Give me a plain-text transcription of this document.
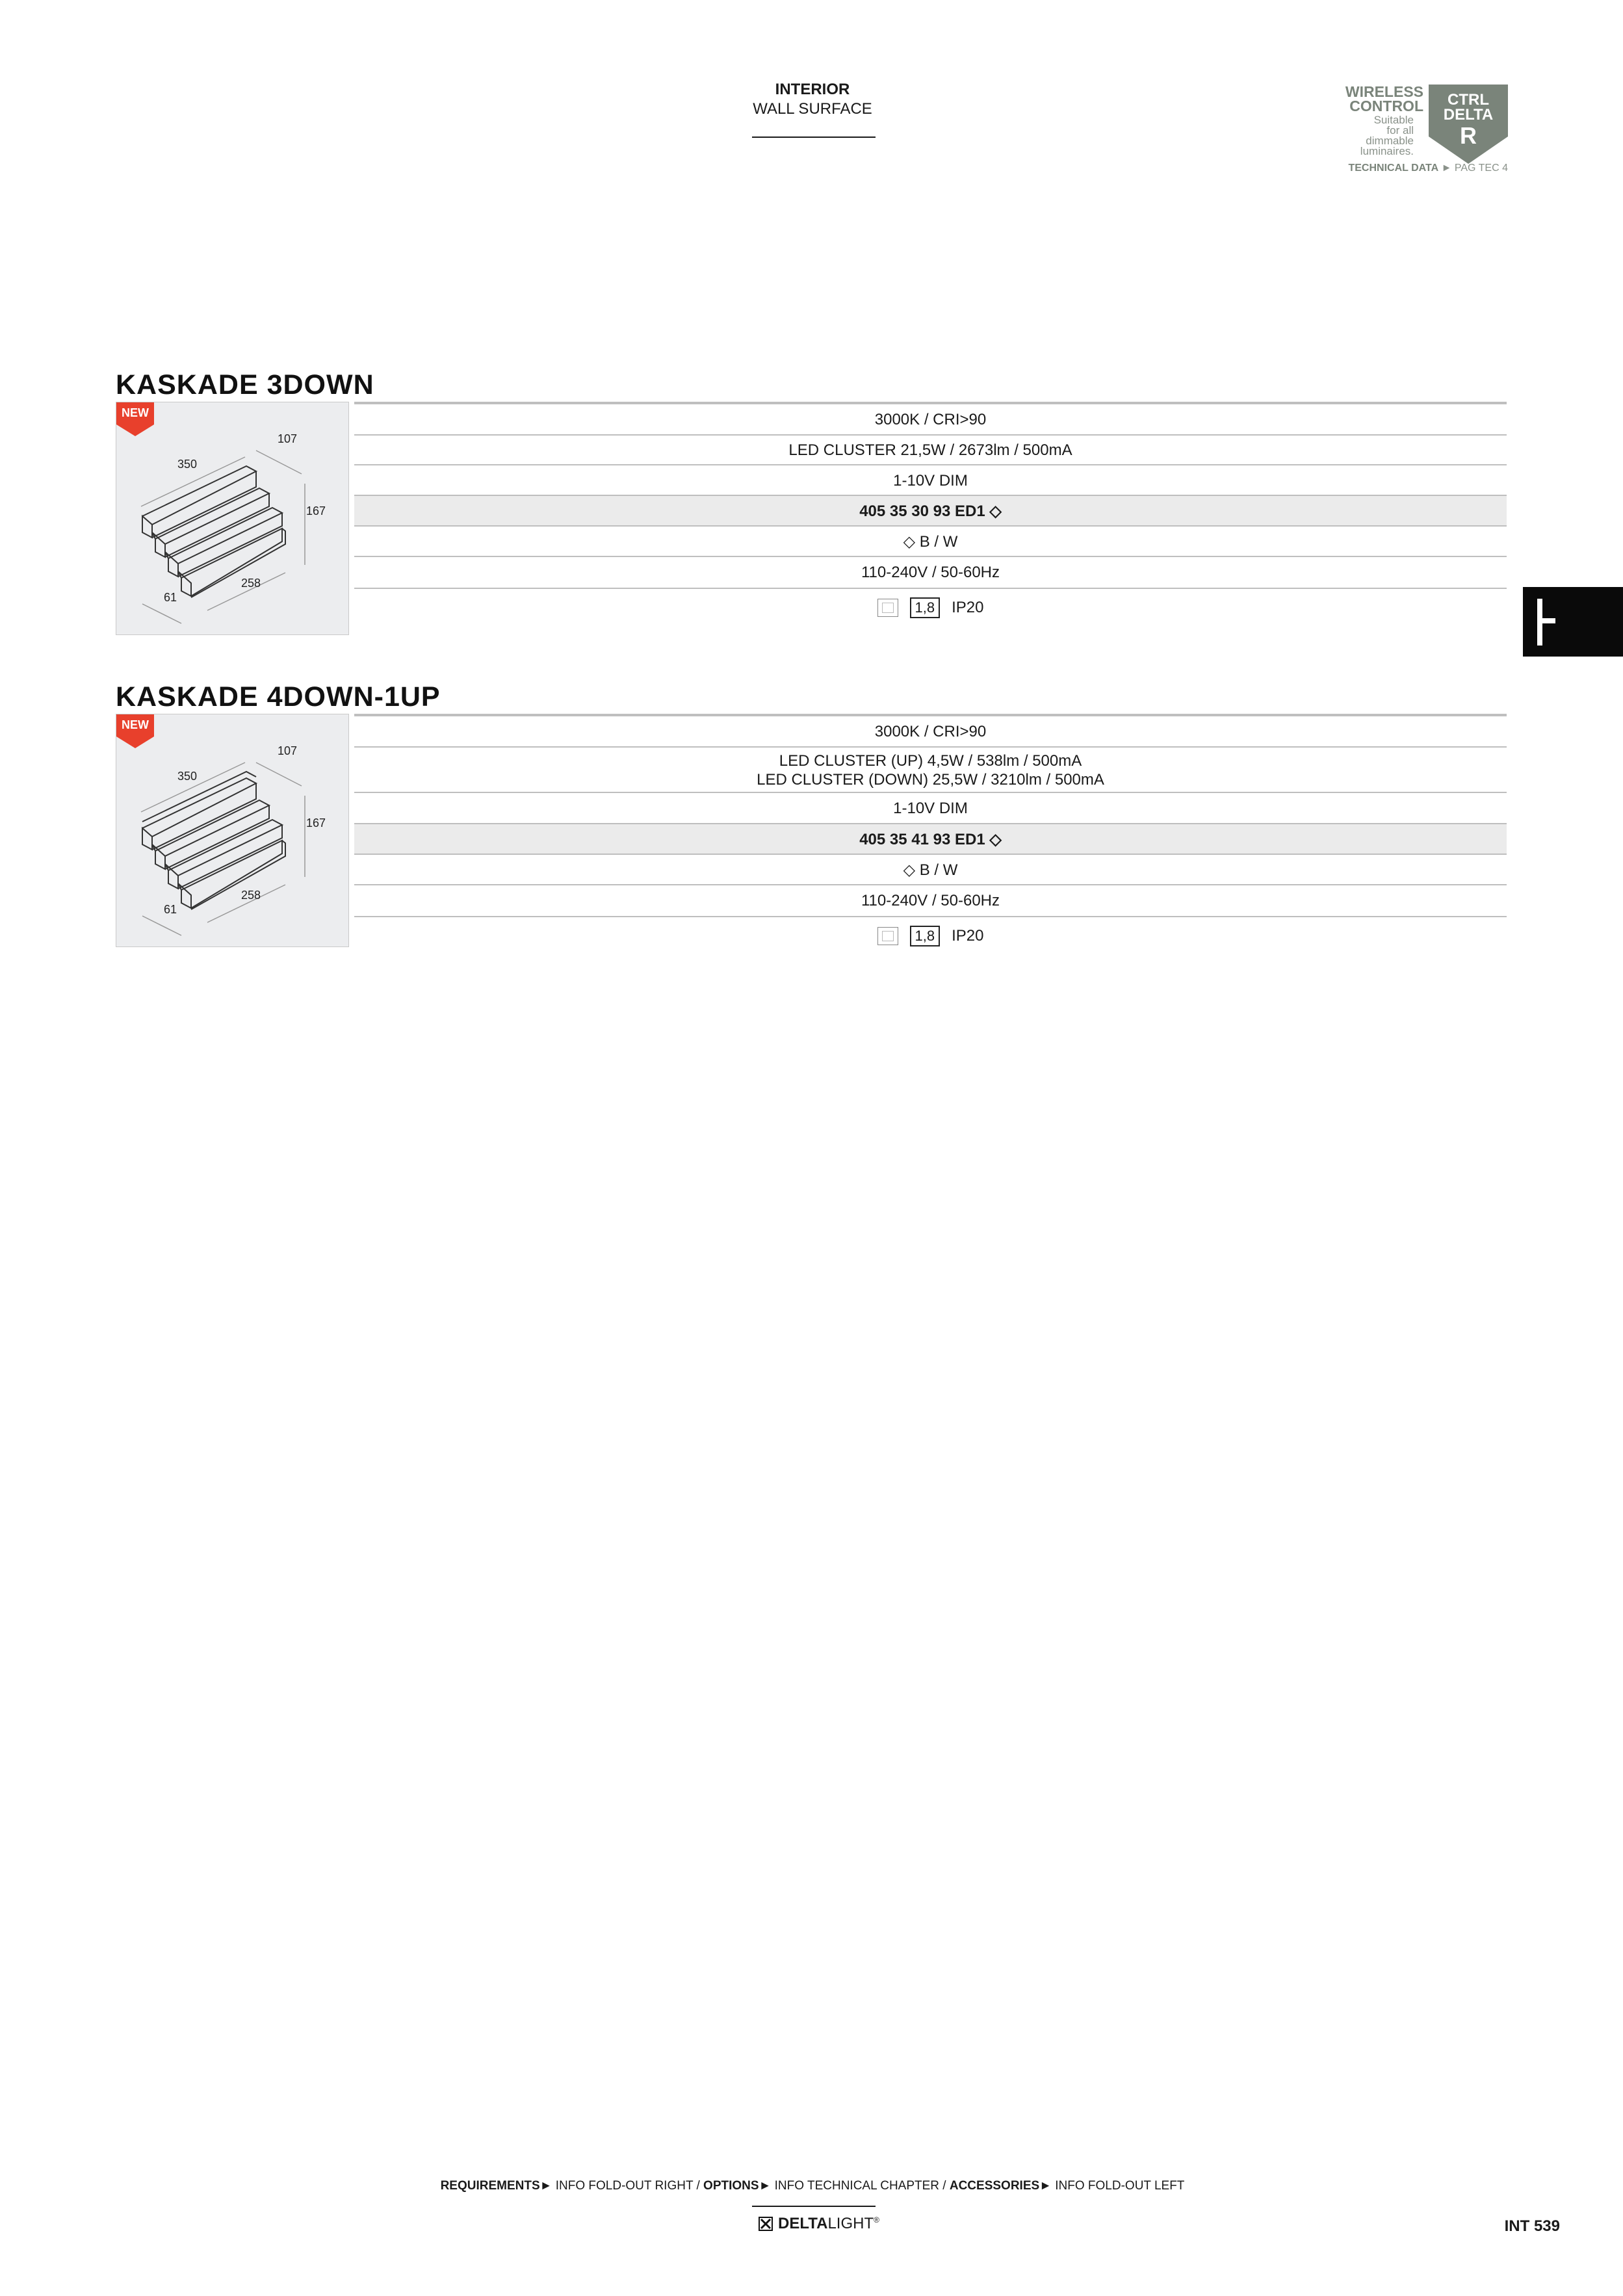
INTERIOR
WALL SURFACE
WIRELESS
CONTROL
Suitable
for all
dimmable
luminaires.
CTRL
DELTA
R
TECHNICAL DATA ► PAG TEC 4
KASKADE 3DOWN
107
350
167
258
61
NEW	3000K / CRI>90
LED CLUSTER 21,5W / 2673lm / 500mA
1-10V DIM
405 35 30 93 ED1 ◇
◇ B / W
110-240V / 50-60Hz
1,8	IP20
KASKADE 4DOWN-1UP
107
350
167
258
61
NEW	3000K / CRI>90
LED CLUSTER (UP) 4,5W / 538lm / 500mA
LED CLUSTER (DOWN) 25,5W / 3210lm / 500mA
1-10V DIM
405 35 41 93 ED1 ◇
◇ B / W
110-240V / 50-60Hz
1,8	IP20
REQUIREMENTS► INFO FOLD-OUT RIGHT / OPTIONS► INFO TECHNICAL CHAPTER / ACCESSORIES► INFO FOLD-OUT LEFT
DELTALIGHT®	INT 539
